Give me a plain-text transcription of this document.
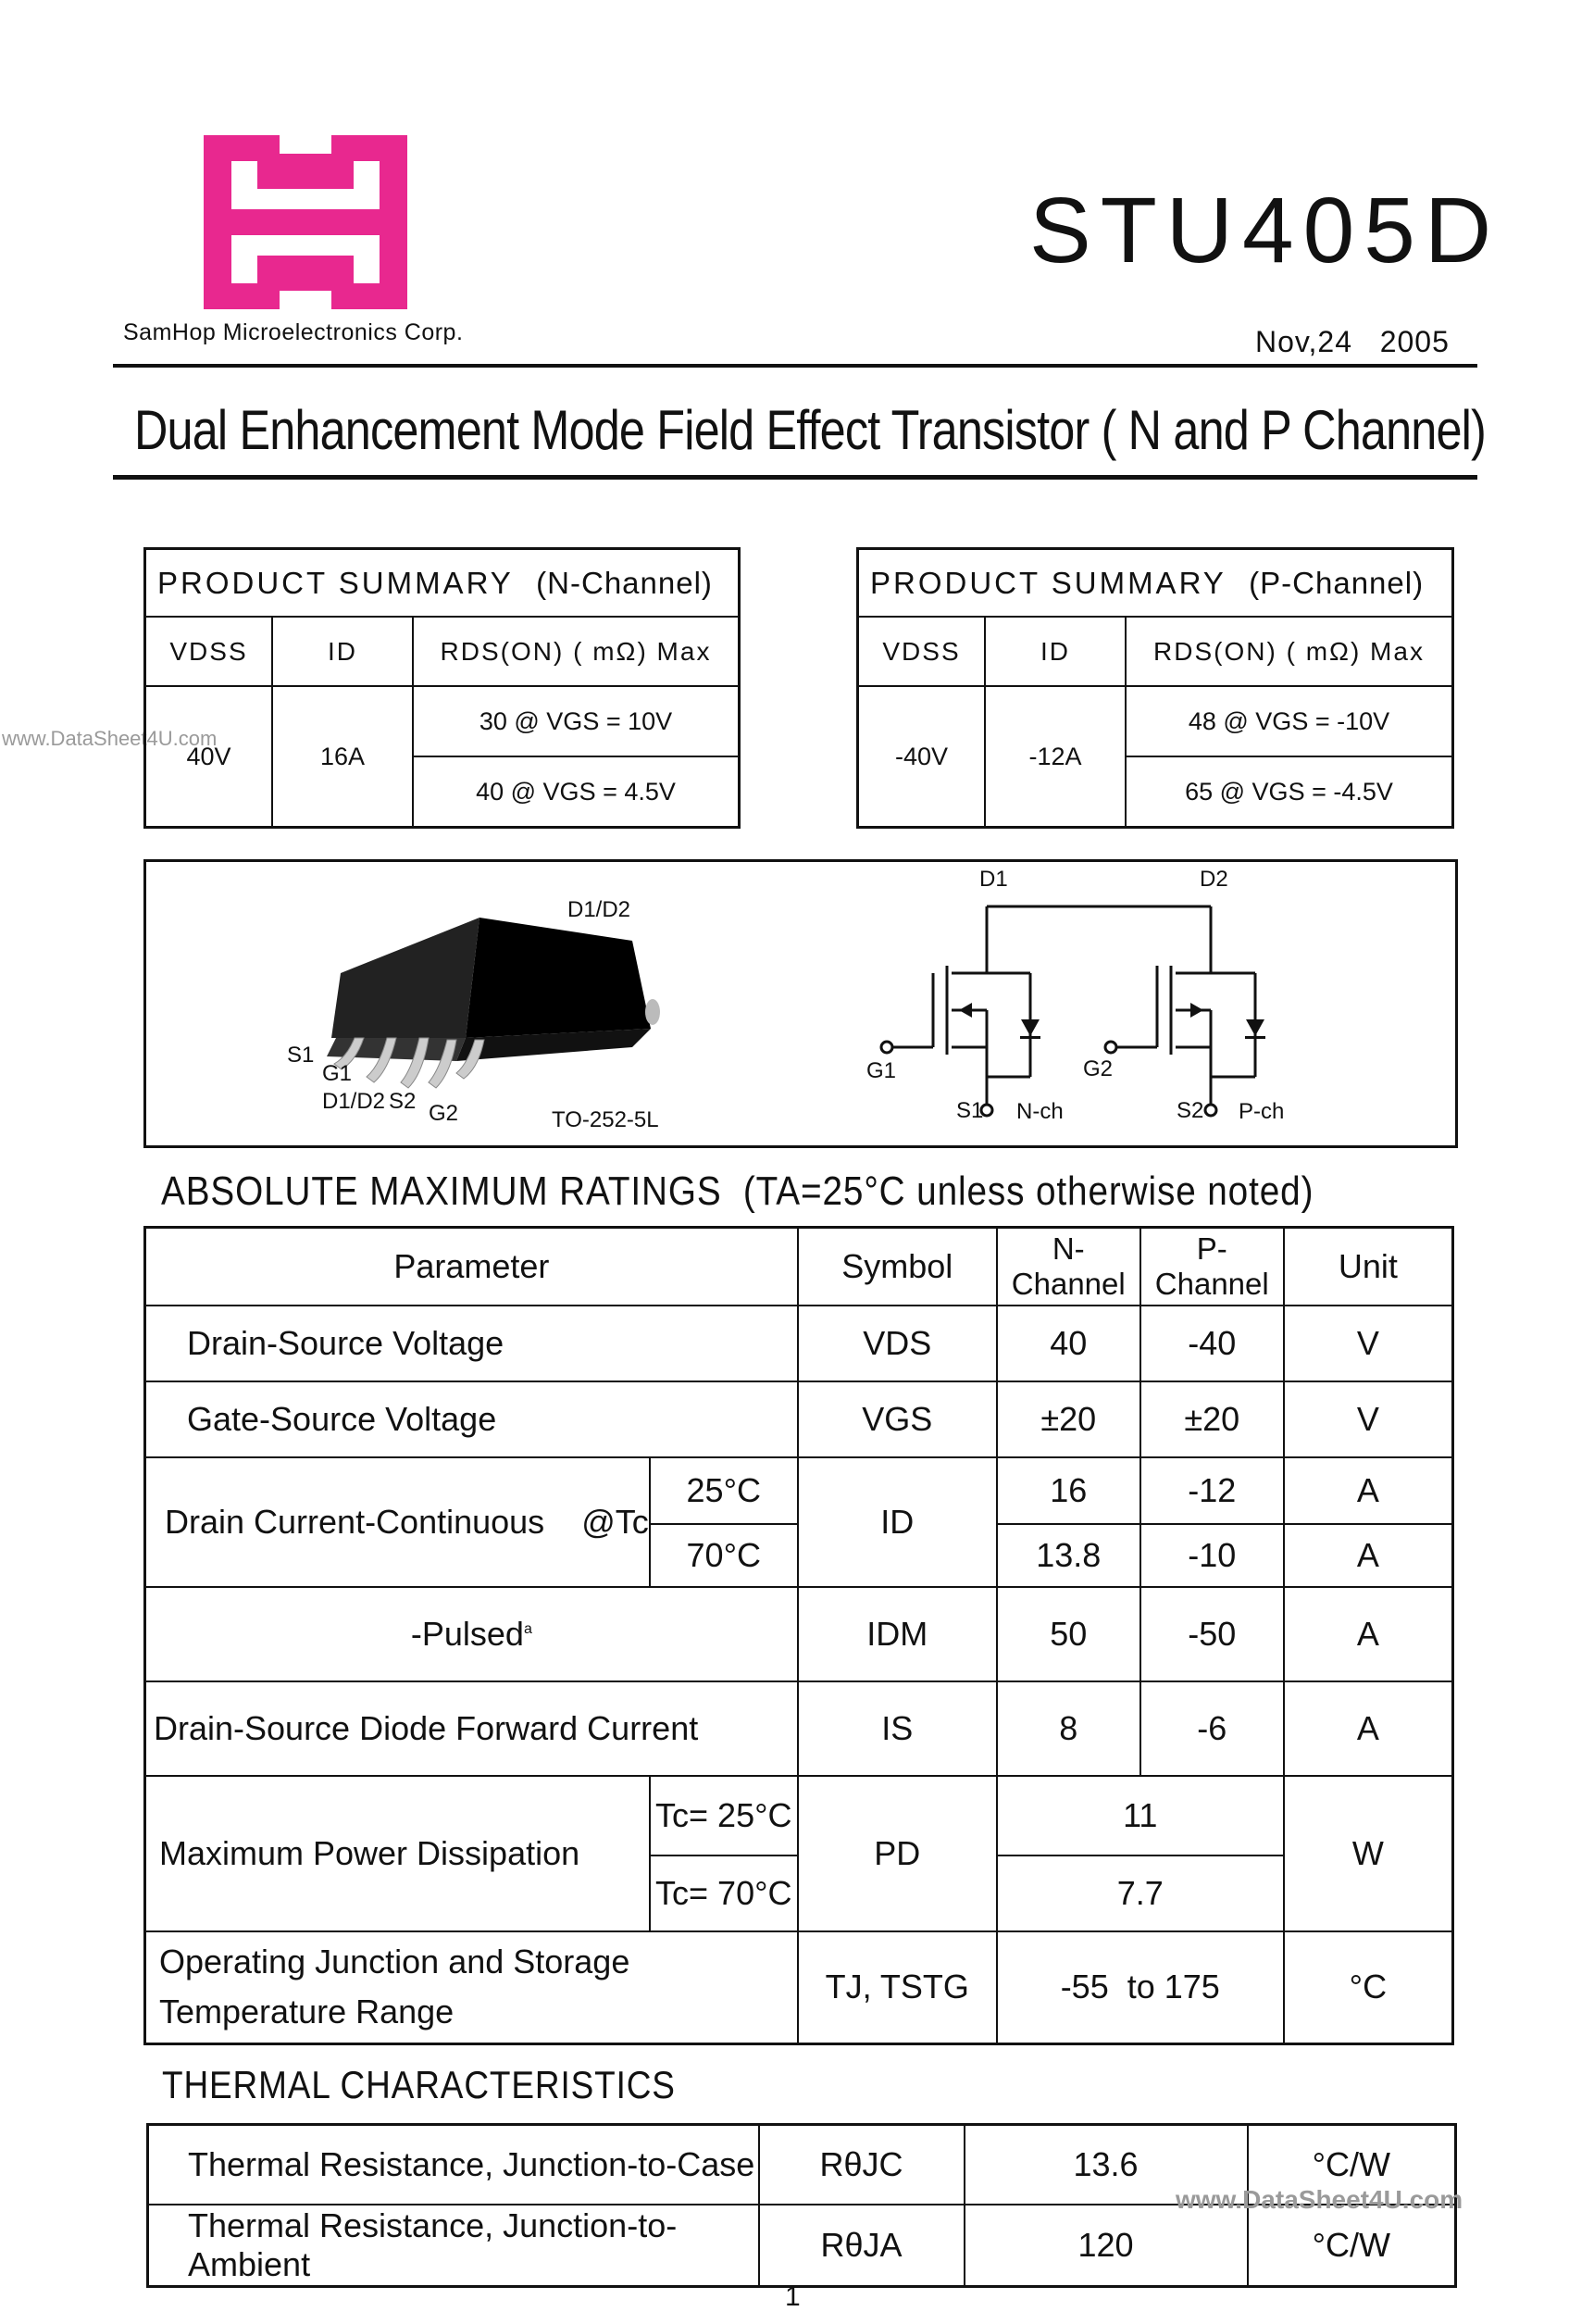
SamHop Microelectronics Corp.
STU405D
Nov,24   2005
Dual Enhancement Mode Field Effect Transistor ( N and P Channel)
www.DataSheet4U.com
PRODUCT SUMMARY (N-Channel)		
VDSS	ID	RDS(ON) ( mΩ) Max
40V	16A	30 @ VGS = 10V
		40 @ VGS = 4.5V
PRODUCT SUMMARY (P-Channel)		
VDSS	ID	RDS(ON) ( mΩ) Max
-40V	-12A	48 @ VGS = -10V
		65 @ VGS = -4.5V
D1/D2
S1
G1
D1/D2 S2 G2	TO-252-5L
D1	D2
G1	G2
S1 N-ch	S2 P-ch
ABSOLUTE MAXIMUM RATINGS (TA=25°C unless otherwise noted)
Parameter		Symbol	N-Channel	P-Channel	Unit
Drain-Source Voltage		VDS	40	-40	V
Gate-Source Voltage		VGS	±20	±20	V
Drain Current-Continuous    @Tc	25°C	ID	16	-12	A
	70°C		13.8	-10	A
-Pulsed$^a$		IDM	50	-50	A
Drain-Source Diode Forward Current		IS	8	-6	A
Maximum Power Dissipation	Tc= 25°C	PD	11		W
	Tc= 70°C		7.7		

Operating Junction and Storage
Temperature Range		TJ, TSTG	-55  to 175		°C
THERMAL CHARACTERISTICS
Thermal Resistance, Junction-to-Case	RθJC	13.6	°C/W
Thermal Resistance, Junction-to-Ambient	RθJA	120	°C/W
www.DataSheet4U.com
1
